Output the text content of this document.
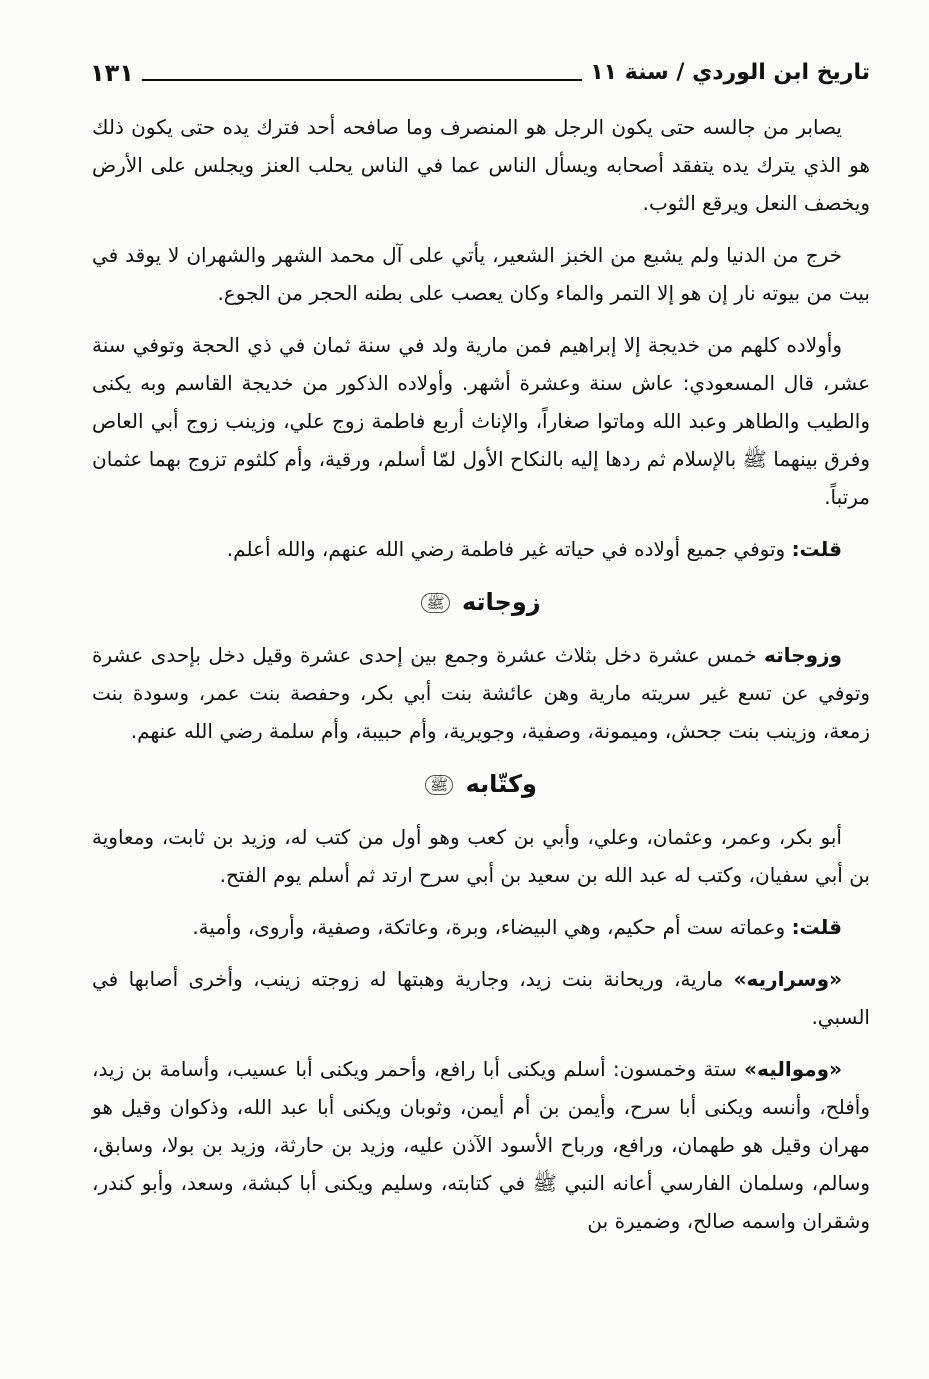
تاريخ ابن الوردي / سنة ١١
١٣١

يصابر من جالسه حتى يكون الرجل هو المنصرف وما صافحه أحد فترك يده حتى يكون ذلك هو الذي يترك يده يتفقد أصحابه ويسأل الناس عما في الناس يحلب العنز ويجلس على الأرض ويخصف النعل ويرقع الثوب.

خرج من الدنيا ولم يشبع من الخبز الشعير، يأتي على آل محمد الشهر والشهران لا يوقد في بيت من بيوته نار إن هو إلا التمر والماء وكان يعصب على بطنه الحجر من الجوع.

وأولاده كلهم من خديجة إلا إبراهيم فمن مارية ولد في سنة ثمان في ذي الحجة وتوفي سنة عشر، قال المسعودي: عاش سنة وعشرة أشهر. وأولاده الذكور من خديجة القاسم وبه يكنى والطيب والطاهر وعبد الله وماتوا صغاراً، والإناث أربع فاطمة زوج علي، وزينب زوج أبي العاص وفرق بينهما ﷺ بالإسلام ثم ردها إليه بالنكاح الأول لمّا أسلم، ورقية، وأم كلثوم تزوج بهما عثمان مرتباً.

قلت: وتوفي جميع أولاده في حياته غير فاطمة رضي الله عنهم، والله أعلم.

زوجاته ﷺ

وزوجاته خمس عشرة دخل بثلاث عشرة وجمع بين إحدى عشرة وقيل دخل بإحدى عشرة وتوفي عن تسع غير سريته مارية وهن عائشة بنت أبي بكر، وحفصة بنت عمر، وسودة بنت زمعة، وزينب بنت جحش، وميمونة، وصفية، وجويرية، وأم حبيبة، وأم سلمة رضي الله عنهم.

وكتّابه ﷺ

أبو بكر، وعمر، وعثمان، وعلي، وأبي بن كعب وهو أول من كتب له، وزيد بن ثابت، ومعاوية بن أبي سفيان، وكتب له عبد الله بن سعيد بن أبي سرح ارتد ثم أسلم يوم الفتح.

قلت: وعماته ست أم حكيم، وهي البيضاء، وبرة، وعاتكة، وصفية، وأروى، وأمية.

«وسراريه» مارية، وريحانة بنت زيد، وجارية وهبتها له زوجته زينب، وأخرى أصابها في السبي.

«ومواليه» ستة وخمسون: أسلم ويكنى أبا رافع، وأحمر ويكنى أبا عسيب، وأسامة بن زيد، وأفلح، وأنسه ويكنى أبا سرح، وأيمن بن أم أيمن، وثوبان ويكنى أبا عبد الله، وذكوان وقيل هو مهران وقيل هو طهمان، ورافع، ورباح الأسود الآذن عليه، وزيد بن حارثة، وزيد بن بولا، وسابق، وسالم، وسلمان الفارسي أعانه النبي ﷺ في كتابته، وسليم ويكنى أبا كبشة، وسعد، وأبو كندر، وشقران واسمه صالح، وضميرة بن
